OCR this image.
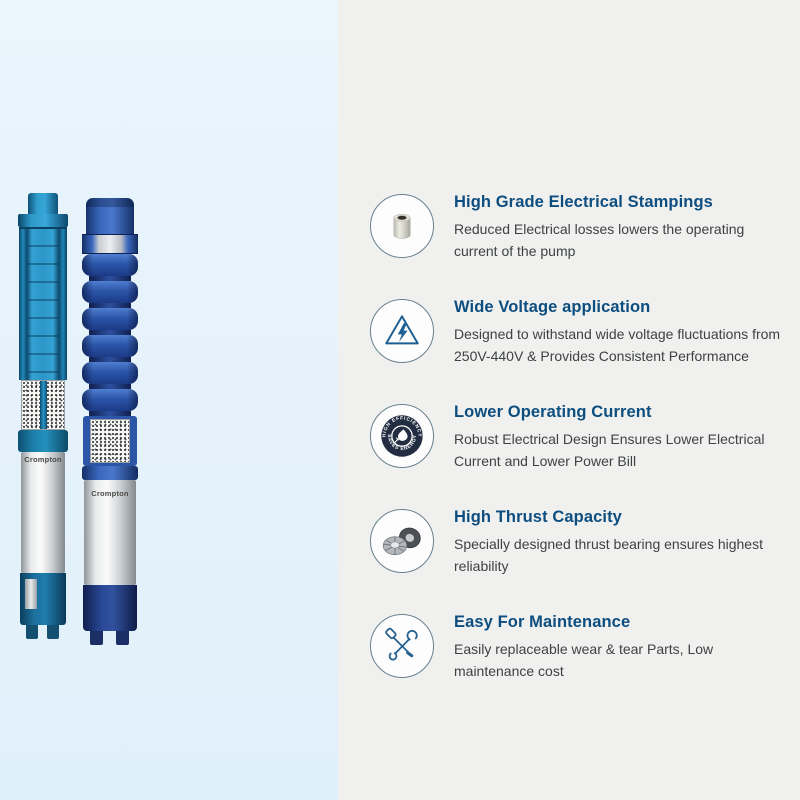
Crompton
Crompton
High Grade Electrical Stampings

Reduced Electrical losses lowers the operating current of the pump

Wide Voltage application

Designed to withstand wide voltage fluctuations from 250V-440V & Provides Consistent Performance

HIGH EFFICIENCY
SAVES ENERGY
Lower Operating Current

Robust Electrical Design Ensures Lower Electrical Current and Lower Power Bill

High Thrust Capacity

Specially designed thrust bearing ensures highest reliability

Easy For Maintenance

Easily replaceable wear & tear Parts, Low maintenance cost
